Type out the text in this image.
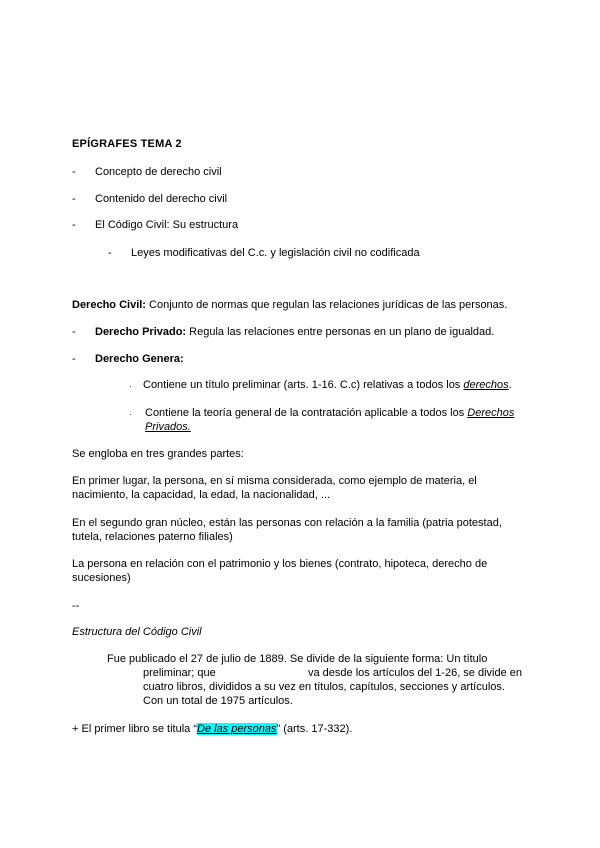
EPÍGRAFES TEMA 2
- Concepto de derecho civil
- Contenido del derecho civil
- El Código Civil: Su estructura
- Leyes modificativas del C.c. y legislación civil no codificada
Derecho Civil: Conjunto de normas que regulan las relaciones jurídicas de las personas.
- Derecho Privado: Regula las relaciones entre personas en un plano de igualdad.
- Derecho Genera:
· Contiene un título preliminar (arts. 1-16. C.c) relativas a todos los derechos.
· Contiene la teoría general de la contratación aplicable a todos los Derechos Privados.
Se engloba en tres grandes partes:
En primer lugar, la persona, en sí misma considerada, como ejemplo de materia, el nacimiento, la capacidad, la edad, la nacionalidad, ...
En el segundo gran núcleo, están las personas con relación a la familia (patria potestad, tutela, relaciones paterno filiales)
La persona en relación con el patrimonio y los bienes (contrato, hipoteca, derecho de sucesiones)
--
Estructura del Código Civil
Fue publicado el 27 de julio de 1889. Se divide de la siguiente forma: Un título
preliminar; que	va desde los artículos del 1-26, se divide en
cuatro libros, divididos a su vez en títulos, capítulos, secciones y artículos.
Con un total de 1975 artículos.
+ El primer libro se titula “De las personas” (arts. 17-332).
